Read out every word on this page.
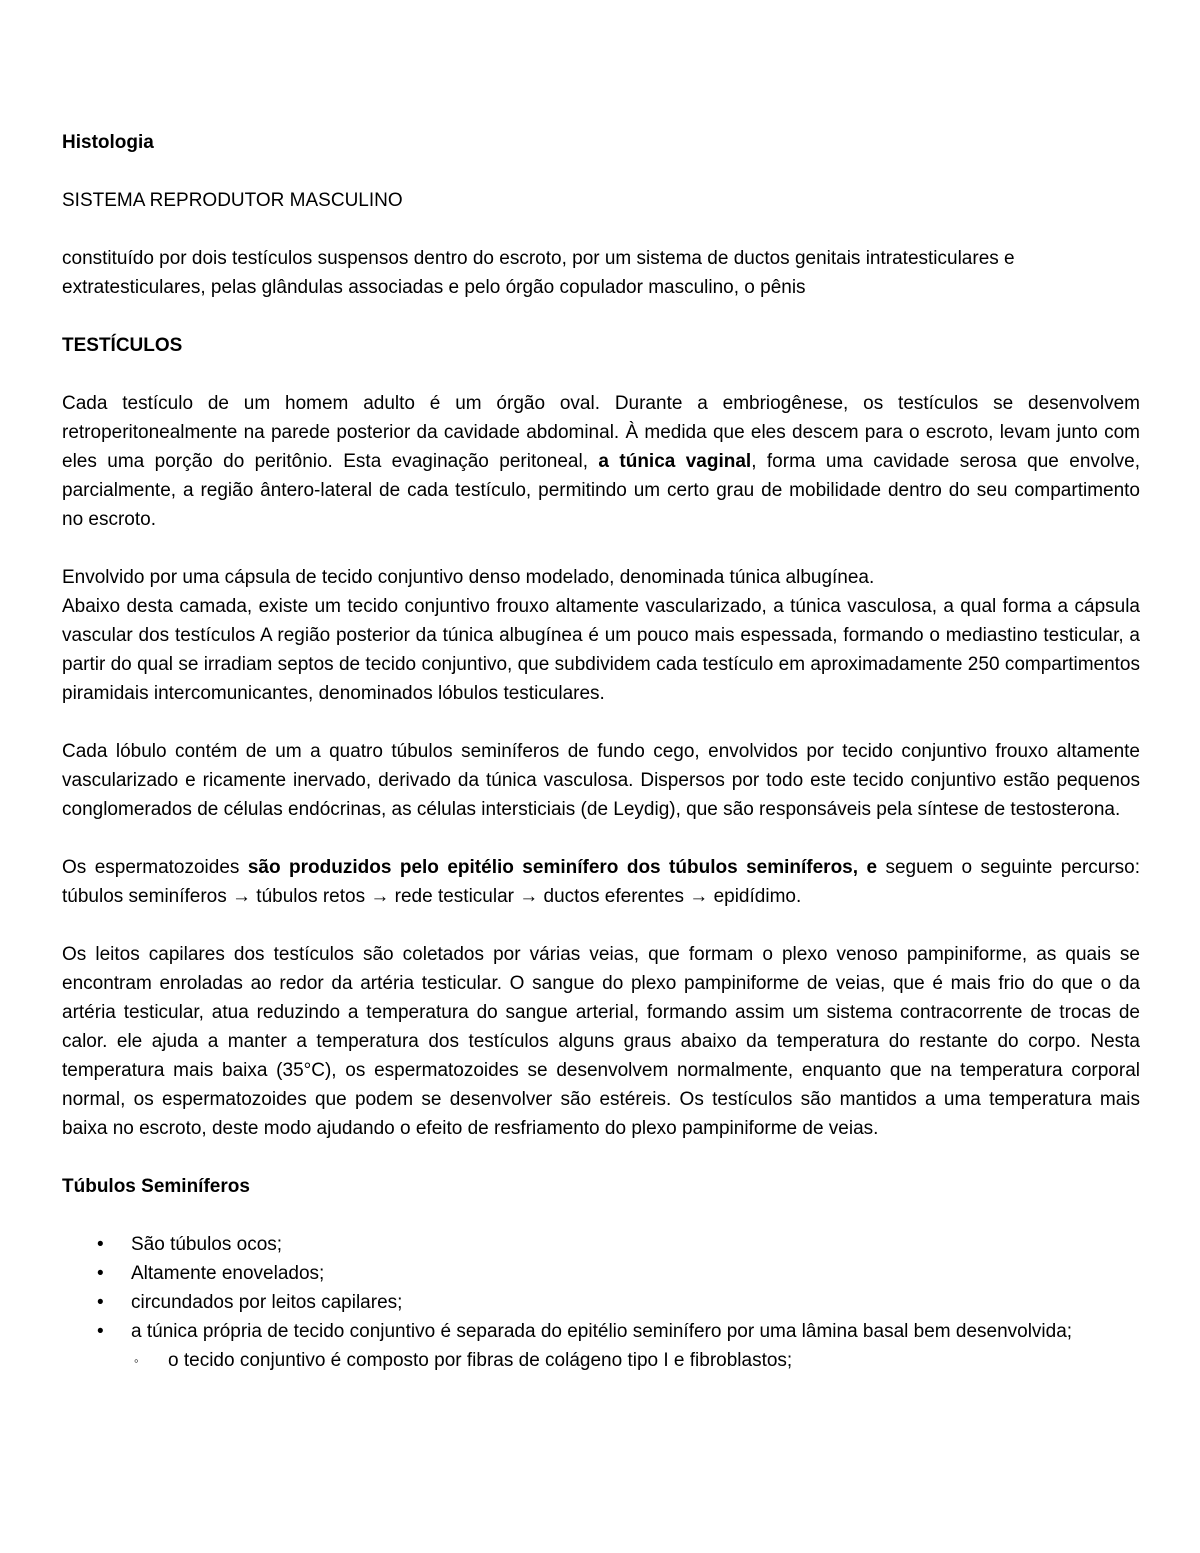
Histologia

SISTEMA REPRODUTOR MASCULINO

constituído por dois testículos suspensos dentro do escroto, por um sistema de ductos genitais intratesticulares e extratesticulares, pelas glândulas associadas e pelo órgão copulador masculino, o pênis

TESTÍCULOS

Cada testículo de um homem adulto é um órgão oval. Durante a embriogênese, os testículos se desenvolvem retroperitonealmente na parede posterior da cavidade abdominal. À medida que eles descem para o escroto, levam junto com eles uma porção do peritônio. Esta evaginação peritoneal, a túnica vaginal, forma uma cavidade serosa que envolve, parcialmente, a região ântero-lateral de cada testículo, permitindo um certo grau de mobilidade dentro do seu compartimento no escroto.

Envolvido por uma cápsula de tecido conjuntivo denso modelado, denominada túnica albugínea.

Abaixo desta camada, existe um tecido conjuntivo frouxo altamente vascularizado, a túnica vasculosa, a qual forma a cápsula vascular dos testículos A região posterior da túnica albugínea é um pouco mais espessada, formando o mediastino testicular, a partir do qual se irradiam septos de tecido conjuntivo, que subdividem cada testículo em aproximadamente 250 compartimentos piramidais intercomunicantes, denominados lóbulos testiculares.

Cada lóbulo contém de um a quatro túbulos seminíferos de fundo cego, envolvidos por tecido conjuntivo frouxo altamente vascularizado e ricamente inervado, derivado da túnica vasculosa. Dispersos por todo este tecido conjuntivo estão pequenos conglomerados de células endócrinas, as células intersticiais (de Leydig), que são responsáveis pela síntese de testosterona.

Os espermatozoides são produzidos pelo epitélio seminífero dos túbulos seminíferos, e seguem o seguinte percurso: túbulos seminíferos → túbulos retos → rede testicular → ductos eferentes → epidídimo.

Os leitos capilares dos testículos são coletados por várias veias, que formam o plexo venoso pampiniforme, as quais se encontram enroladas ao redor da artéria testicular. O sangue do plexo pampiniforme de veias, que é mais frio do que o da artéria testicular, atua reduzindo a temperatura do sangue arterial, formando assim um sistema contracorrente de trocas de calor. ele ajuda a manter a temperatura dos testículos alguns graus abaixo da temperatura do restante do corpo. Nesta temperatura mais baixa (35°C), os espermatozoides se desenvolvem normalmente, enquanto que na temperatura corporal normal, os espermatozoides que podem se desenvolver são estéreis. Os testículos são mantidos a uma temperatura mais baixa no escroto, deste modo ajudando o efeito de resfriamento do plexo pampiniforme de veias.

Túbulos Seminíferos

• São túbulos ocos;
• Altamente enovelados;
• circundados por leitos capilares;
• a túnica própria de tecido conjuntivo é separada do epitélio seminífero por uma lâmina basal bem desenvolvida;
◦ o tecido conjuntivo é composto por fibras de colágeno tipo I e fibroblastos;
